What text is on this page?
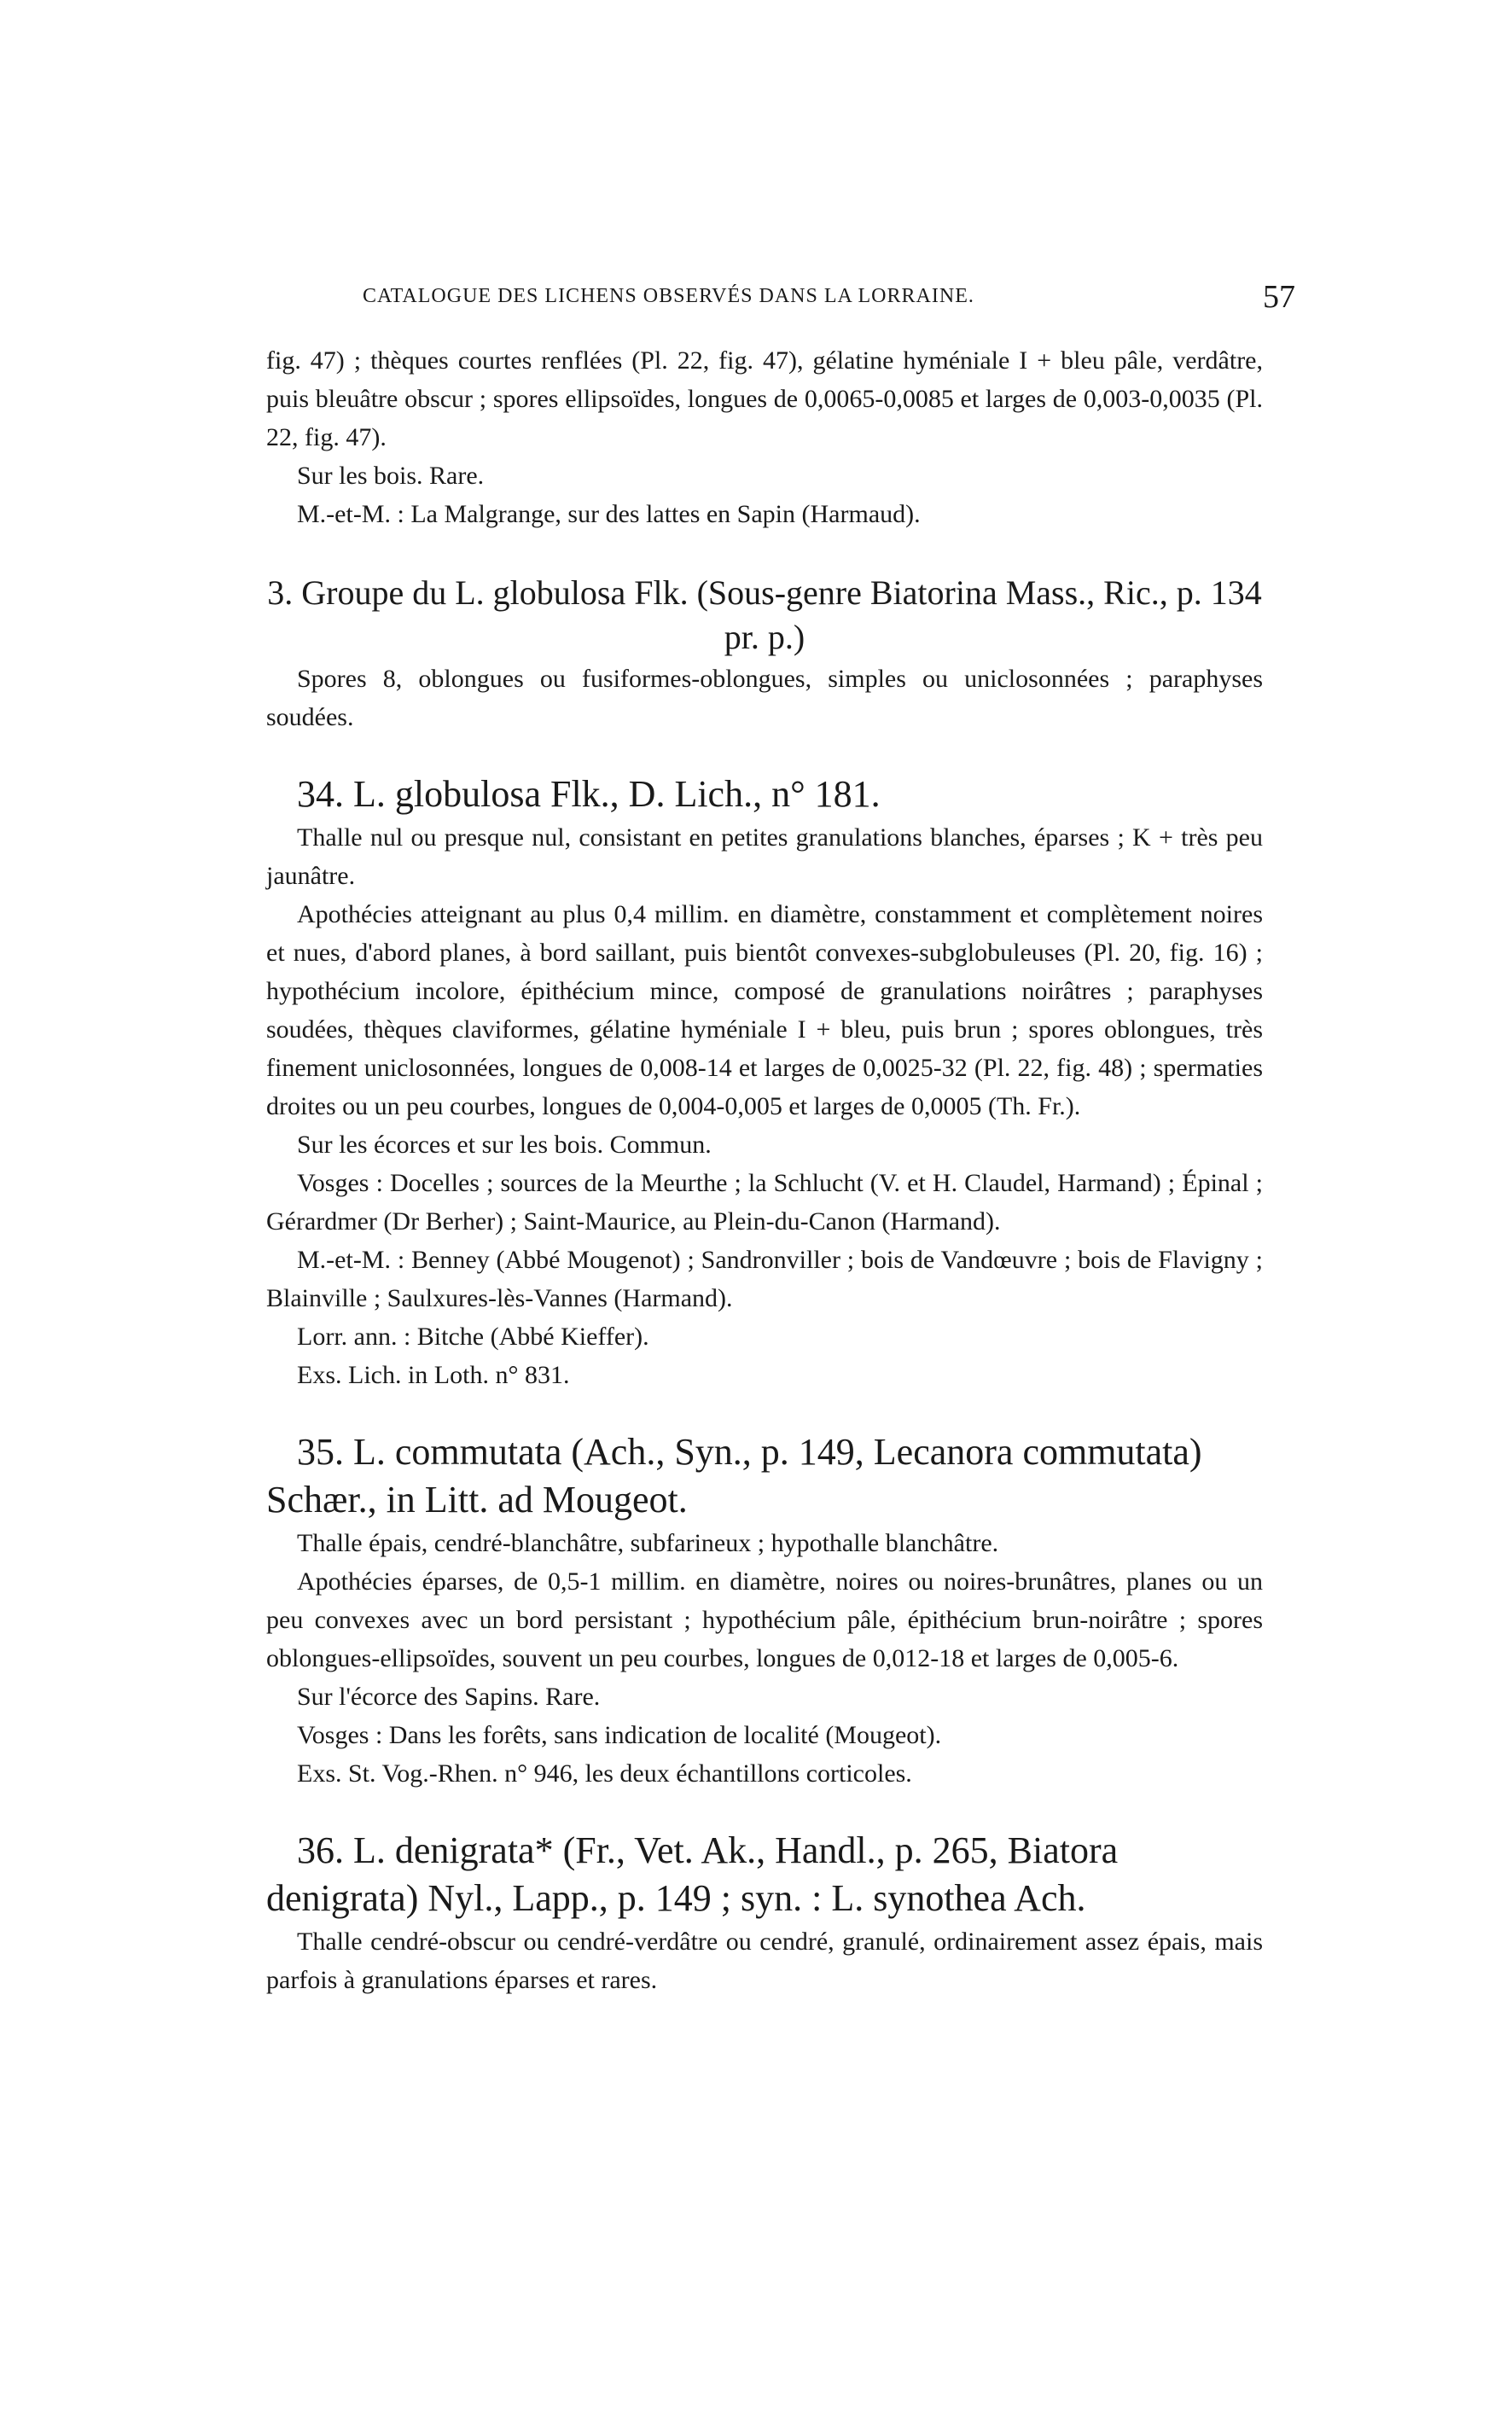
CATALOGUE DES LICHENS OBSERVÉS DANS LA LORRAINE.	57

fig. 47) ; thèques courtes renflées (Pl. 22, fig. 47), gélatine hyméniale I + bleu pâle, verdâtre, puis bleuâtre obscur ; spores ellipsoïdes, longues de 0,0065-0,0085 et larges de 0,003-0,0035 (Pl. 22, fig. 47).

Sur les bois. Rare.

M.-et-M. : La Malgrange, sur des lattes en Sapin (Harmaud).

3. Groupe du L. globulosa Flk. (Sous-genre Biatorina Mass., Ric., p. 134 pr. p.)

Spores 8, oblongues ou fusiformes-oblongues, simples ou uniclosonnées ; paraphyses soudées.

34. L. globulosa Flk., D. Lich., n° 181.

Thalle nul ou presque nul, consistant en petites granulations blanches, éparses ; K + très peu jaunâtre.

Apothécies atteignant au plus 0,4 millim. en diamètre, constamment et complètement noires et nues, d'abord planes, à bord saillant, puis bientôt convexes-subglobuleuses (Pl. 20, fig. 16) ; hypothécium incolore, épithécium mince, composé de granulations noirâtres ; paraphyses soudées, thèques claviformes, gélatine hyméniale I + bleu, puis brun ; spores oblongues, très finement uniclosonnées, longues de 0,008-14 et larges de 0,0025-32 (Pl. 22, fig. 48) ; spermaties droites ou un peu courbes, longues de 0,004-0,005 et larges de 0,0005 (Th. Fr.).

Sur les écorces et sur les bois. Commun.

Vosges : Docelles ; sources de la Meurthe ; la Schlucht (V. et H. Claudel, Harmand) ; Épinal ; Gérardmer (Dr Berher) ; Saint-Maurice, au Plein-du-Canon (Harmand).

M.-et-M. : Benney (Abbé Mougenot) ; Sandronviller ; bois de Vandœuvre ; bois de Flavigny ; Blainville ; Saulxures-lès-Vannes (Harmand).

Lorr. ann. : Bitche (Abbé Kieffer).

Exs. Lich. in Loth. n° 831.

35. L. commutata (Ach., Syn., p. 149, Lecanora commutata) Schær., in Litt. ad Mougeot.

Thalle épais, cendré-blanchâtre, subfarineux ; hypothalle blanchâtre.

Apothécies éparses, de 0,5-1 millim. en diamètre, noires ou noires-brunâtres, planes ou un peu convexes avec un bord persistant ; hypothécium pâle, épithécium brun-noirâtre ; spores oblongues-ellipsoïdes, souvent un peu courbes, longues de 0,012-18 et larges de 0,005-6.

Sur l'écorce des Sapins. Rare.

Vosges : Dans les forêts, sans indication de localité (Mougeot).

Exs. St. Vog.-Rhen. n° 946, les deux échantillons corticoles.

36. L. denigrata* (Fr., Vet. Ak., Handl., p. 265, Biatora denigrata) Nyl., Lapp., p. 149 ; syn. : L. synothea Ach.

Thalle cendré-obscur ou cendré-verdâtre ou cendré, granulé, ordinairement assez épais, mais parfois à granulations éparses et rares.
